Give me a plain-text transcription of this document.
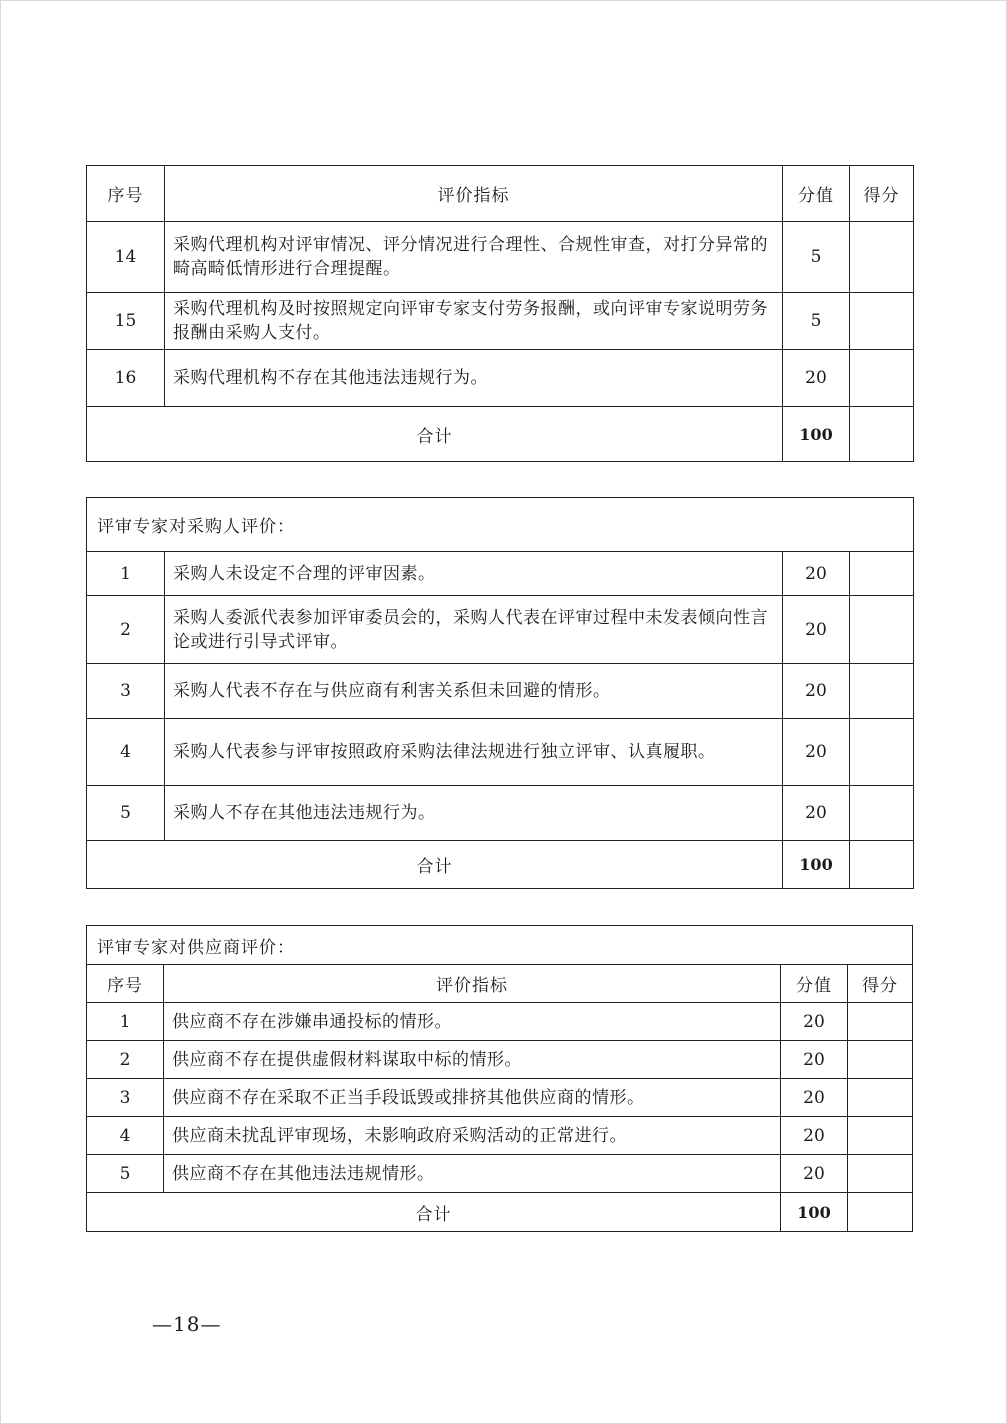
序号	评价指标	分值	得分
14	采购代理机构对评审情况、评分情况进行合理性、合规性审查，对打分异常的畸高畸低情形进行合理提醒。	5	
15	采购代理机构及时按照规定向评审专家支付劳务报酬，或向评审专家说明劳务报酬由采购人支付。	5	
16	采购代理机构不存在其他违法违规行为。	20	
合计		100	
评审专家对采购人评价：			
1	采购人未设定不合理的评审因素。	20	
2	采购人委派代表参加评审委员会的，采购人代表在评审过程中未发表倾向性言论或进行引导式评审。	20	
3	采购人代表不存在与供应商有利害关系但未回避的情形。	20	
4	采购人代表参与评审按照政府采购法律法规进行独立评审、认真履职。	20	
5	采购人不存在其他违法违规行为。	20	
合计		100	
评审专家对供应商评价：			
序号	评价指标	分值	得分
1	供应商不存在涉嫌串通投标的情形。	20	
2	供应商不存在提供虚假材料谋取中标的情形。	20	
3	供应商不存在采取不正当手段诋毁或排挤其他供应商的情形。	20	
4	供应商未扰乱评审现场，未影响政府采购活动的正常进行。	20	
5	供应商不存在其他违法违规情形。	20	
合计		100	
—18—
